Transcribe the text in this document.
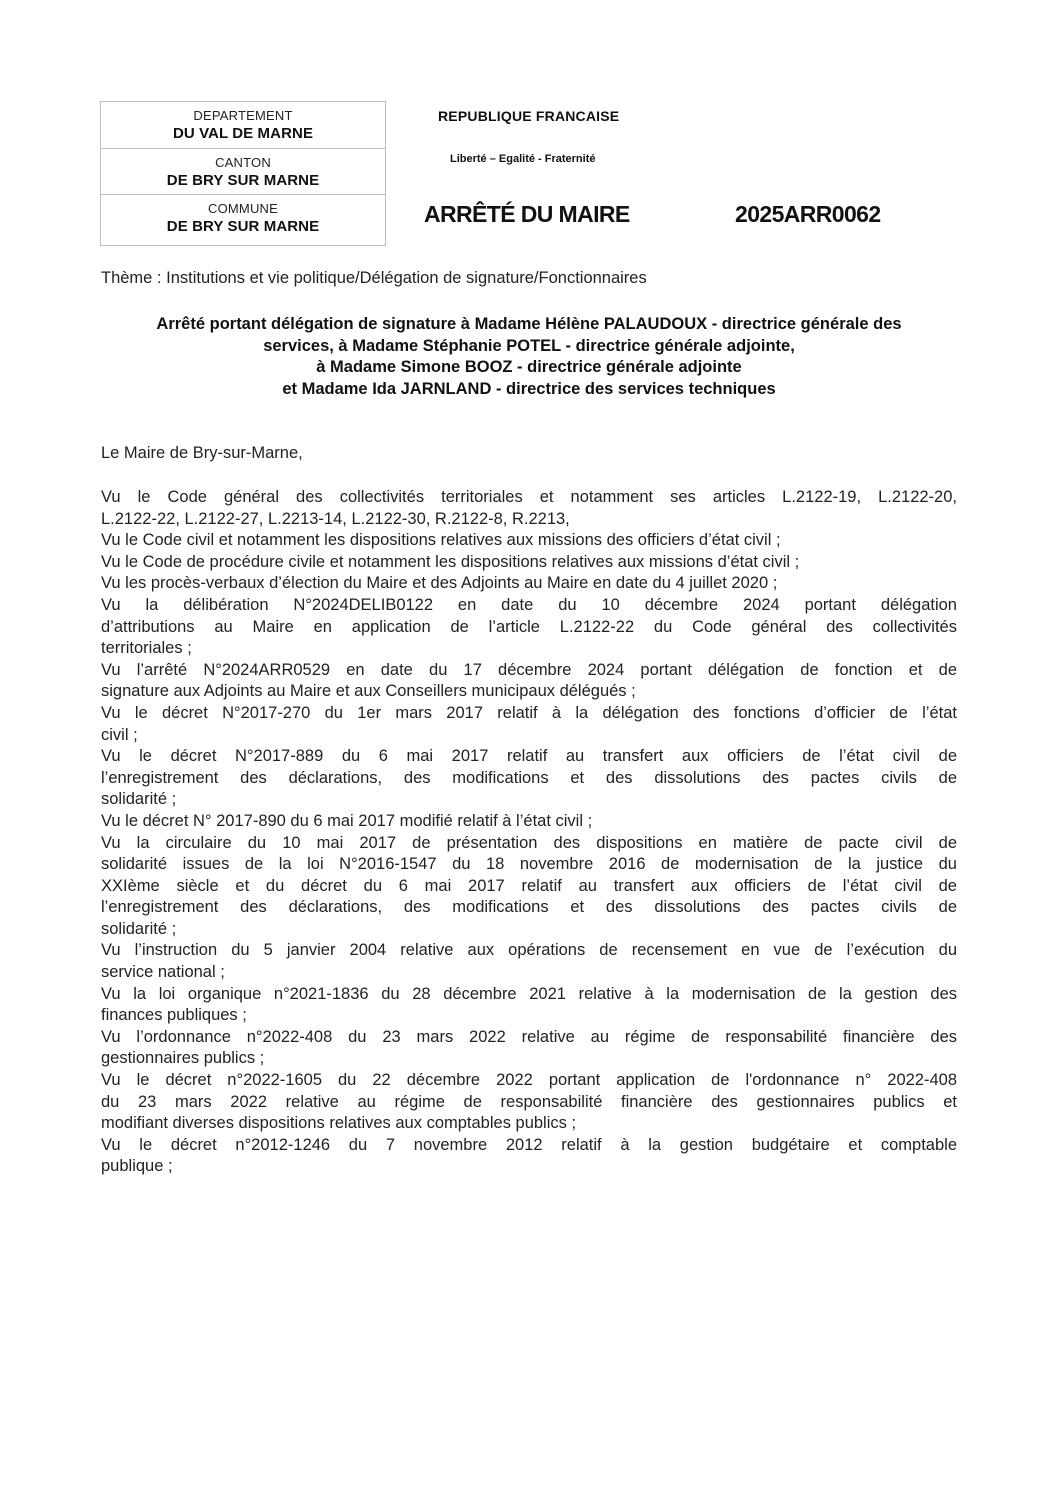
DEPARTEMENT
DU VAL DE MARNE
CANTON
DE BRY SUR MARNE
COMMUNE
DE BRY SUR MARNE
REPUBLIQUE FRANCAISE
Liberté – Egalité - Fraternité
ARRÊTÉ DU MAIRE	2025ARR0062
Thème : Institutions et vie politique/Délégation de signature/Fonctionnaires
Arrêté portant délégation de signature à Madame Hélène PALAUDOUX - directrice générale des
services, à Madame Stéphanie POTEL - directrice générale adjointe,
à Madame Simone BOOZ - directrice générale adjointe
et Madame Ida JARNLAND - directrice des services techniques
Le Maire de Bry-sur-Marne,
Vu le Code général des collectivités territoriales et notamment ses articles L.2122-19, L.2122-20,
L.2122-22, L.2122-27, L.2213-14, L.2122-30, R.2122-8, R.2213,
Vu le Code civil et notamment les dispositions relatives aux missions des officiers d’état civil ;
Vu le Code de procédure civile et notamment les dispositions relatives aux missions d’état civil ;
Vu les procès-verbaux d’élection du Maire et des Adjoints au Maire en date du 4 juillet 2020 ;
Vu la délibération N°2024DELIB0122 en date du 10 décembre 2024 portant délégation
d’attributions au Maire en application de l’article L.2122-22 du Code général des collectivités
territoriales ;
Vu l’arrêté N°2024ARR0529 en date du 17 décembre 2024 portant délégation de fonction et de
signature aux Adjoints au Maire et aux Conseillers municipaux délégués ;
Vu le décret N°2017-270 du 1er mars 2017 relatif à la délégation des fonctions d’officier de l’état
civil ;
Vu le décret N°2017-889 du 6 mai 2017 relatif au transfert aux officiers de l’état civil de
l’enregistrement des déclarations, des modifications et des dissolutions des pactes civils de
solidarité ;
Vu le décret N° 2017-890 du 6 mai 2017 modifié relatif à l’état civil ;
Vu la circulaire du 10 mai 2017 de présentation des dispositions en matière de pacte civil de
solidarité issues de la loi N°2016-1547 du 18 novembre 2016 de modernisation de la justice du
XXIème siècle et du décret du 6 mai 2017 relatif au transfert aux officiers de l’état civil de
l’enregistrement des déclarations, des modifications et des dissolutions des pactes civils de
solidarité ;
Vu l’instruction du 5 janvier 2004 relative aux opérations de recensement en vue de l’exécution du
service national ;
Vu la loi organique n°2021-1836 du 28 décembre 2021 relative à la modernisation de la gestion des
finances publiques ;
Vu l’ordonnance n°2022-408 du 23 mars 2022 relative au régime de responsabilité financière des
gestionnaires publics ;
Vu le décret n°2022-1605 du 22 décembre 2022 portant application de l'ordonnance n° 2022-408
du 23 mars 2022 relative au régime de responsabilité financière des gestionnaires publics et
modifiant diverses dispositions relatives aux comptables publics ;
Vu le décret n°2012-1246 du 7 novembre 2012 relatif à la gestion budgétaire et comptable
publique ;
